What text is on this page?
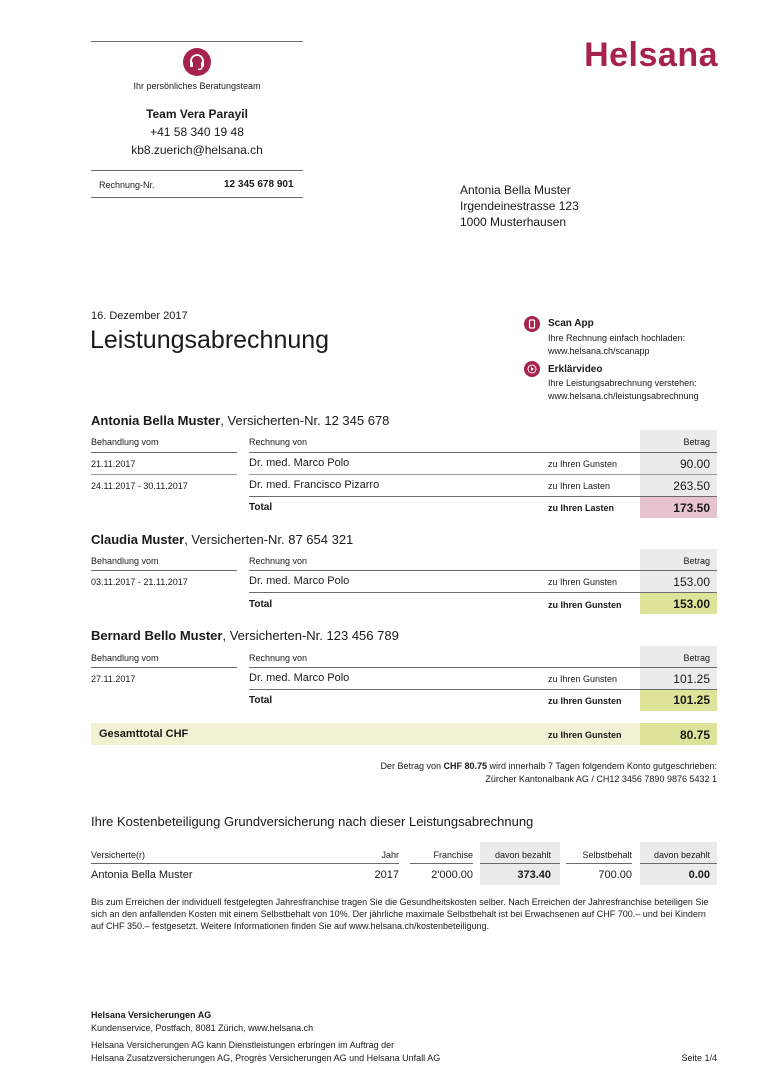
Helsana
Ihr persönliches Beratungsteam
Team Vera Parayil
+41 58 340 19 48
kb8.zuerich@helsana.ch
Rechnung-Nr.	12 345 678 901	Antonia Bella Muster
Irgendeinestrasse 123
1000 Musterhausen
16. Dezember 2017
Leistungsabrechnung
Scan App
Ihre Rechnung einfach hochladen:
www.helsana.ch/scanapp
Erklärvideo
Ihre Leistungsabrechnung verstehen:
www.helsana.ch/leistungsabrechnung
Antonia Bella Muster, Versicherten-Nr. 12 345 678
Behandlung vom	Rechnung von	Betrag
21.11.2017	Dr. med. Marco Polo	zu Ihren Gunsten	90.00
24.11.2017 - 30.11.2017	Dr. med. Francisco Pizarro	zu Ihren Lasten	263.50
Total	zu Ihren Lasten	173.50
Claudia Muster, Versicherten-Nr. 87 654 321
Behandlung vom	Rechnung von	Betrag
03.11.2017 - 21.11.2017	Dr. med. Marco Polo	zu Ihren Gunsten	153.00
Total	zu Ihren Gunsten	153.00
Bernard Bello Muster, Versicherten-Nr. 123 456 789
Behandlung vom	Rechnung von	Betrag
27.11.2017	Dr. med. Marco Polo	zu Ihren Gunsten	101.25
Total	zu Ihren Gunsten	101.25
Gesamttotal CHF	zu Ihren Gunsten	80.75
Der Betrag von CHF 80.75 wird innerhalb 7 Tagen folgendem Konto gutgeschrieben:
Zürcher Kantonalbank AG / CH12 3456 7890 9876 5432 1
Ihre Kostenbeteiligung Grundversicherung nach dieser Leistungsabrechnung
Versicherte(r)	Jahr	Franchise	davon bezahlt	Selbstbehalt	davon bezahlt
Antonia Bella Muster	2017	2'000.00	373.40	700.00	0.00
Bis zum Erreichen der individuell festgelegten Jahresfranchise tragen Sie die Gesundheitskosten selber. Nach Erreichen der Jahresfranchise beteiligen Sie sich an den anfallenden Kosten mit einem Selbstbehalt von 10%. Der jährliche maximale Selbstbehalt ist bei Erwachsenen auf CHF 700.– und bei Kindern auf CHF 350.– festgesetzt. Weitere Informationen finden Sie auf www.helsana.ch/kostenbeteiligung.
Helsana Versicherungen AG
Kundenservice, Postfach, 8081 Zürich, www.helsana.ch
Helsana Versicherungen AG kann Dienstleistungen erbringen im Auftrag der
Helsana Zusatzversicherungen AG, Progrès Versicherungen AG und Helsana Unfall AG	Seite 1/4
